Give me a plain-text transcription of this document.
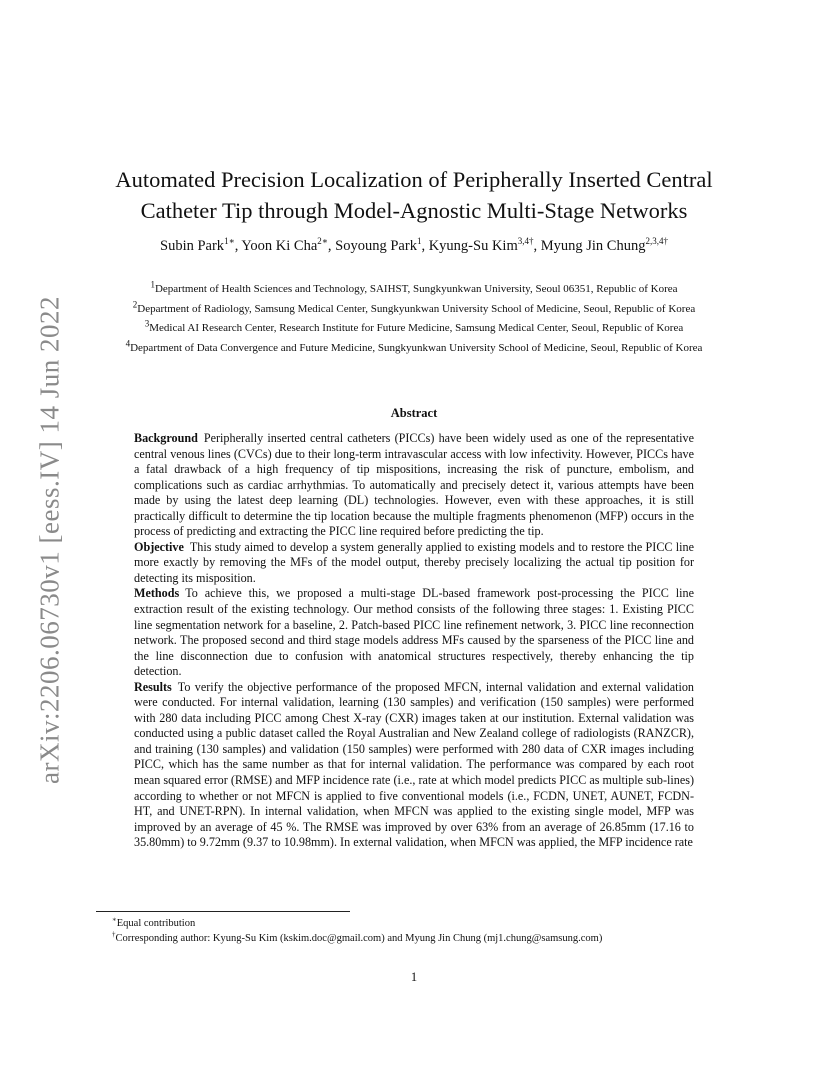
arXiv:2206.06730v1 [eess.IV] 14 Jun 2022
Automated Precision Localization of Peripherally Inserted Central
Catheter Tip through Model-Agnostic Multi-Stage Networks
Subin Park$^{1∗}$, Yoon Ki Cha$^{2∗}$, Soyoung Park$^1$, Kyung-Su Kim$^{3,4\dagger}$, Myung Jin Chung$^{2,3,4\dagger}$
$^1$Department of Health Sciences and Technology, SAIHST, Sungkyunkwan University, Seoul 06351, Republic of Korea
$^2$Department of Radiology, Samsung Medical Center, Sungkyunkwan University School of Medicine, Seoul, Republic of Korea
$^3$Medical AI Research Center, Research Institute for Future Medicine, Samsung Medical Center, Seoul, Republic of Korea
$^4$Department of Data Convergence and Future Medicine, Sungkyunkwan University School of Medicine, Seoul, Republic of Korea
Abstract

Background Peripherally inserted central catheters (PICCs) have been widely used as one of the representative central venous lines (CVCs) due to their long-term intravascular access with low infectivity. However, PICCs have a fatal drawback of a high frequency of tip mispositions, increasing the risk of puncture, embolism, and complications such as cardiac arrhythmias. To automatically and precisely detect it, various attempts have been made by using the latest deep learning (DL) technologies. However, even with these approaches, it is still practically difficult to determine the tip location because the multiple fragments phenomenon (MFP) occurs in the process of predicting and extracting the PICC line required before predicting the tip.

Objective This study aimed to develop a system generally applied to existing models and to restore the PICC line more exactly by removing the MFs of the model output, thereby precisely localizing the actual tip position for detecting its misposition.

Methods To achieve this, we proposed a multi-stage DL-based framework post-processing the PICC line extraction result of the existing technology. Our method consists of the following three stages: 1. Existing PICC line segmentation network for a baseline, 2. Patch-based PICC line refinement network, 3. PICC line reconnection network. The proposed second and third stage models address MFs caused by the sparseness of the PICC line and the line disconnection due to confusion with anatomical structures respectively, thereby enhancing the tip detection.

Results To verify the objective performance of the proposed MFCN, internal validation and external validation were conducted. For internal validation, learning (130 samples) and verification (150 samples) were performed with 280 data including PICC among Chest X-ray (CXR) images taken at our institution. External validation was conducted using a public dataset called the Royal Australian and New Zealand college of radiologists (RANZCR), and training (130 samples) and validation (150 samples) were performed with 280 data of CXR images including PICC, which has the same number as that for internal validation. The performance was compared by each root mean squared error (RMSE) and MFP incidence rate (i.e., rate at which model predicts PICC as multiple sub-lines) according to whether or not MFCN is applied to five conventional models (i.e., FCDN, UNET, AUNET, FCDN-HT, and UNET-RPN). In internal validation, when MFCN was applied to the existing single model, MFP was improved by an average of 45 %. The RMSE was improved by over 63% from an average of 26.85mm (17.16 to 35.80mm) to 9.72mm (9.37 to 10.98mm). In external validation, when MFCN was applied, the MFP incidence rate

∗Equal contribution
†Corresponding author: Kyung-Su Kim (kskim.doc@gmail.com) and Myung Jin Chung (mj1.chung@samsung.com)
1
